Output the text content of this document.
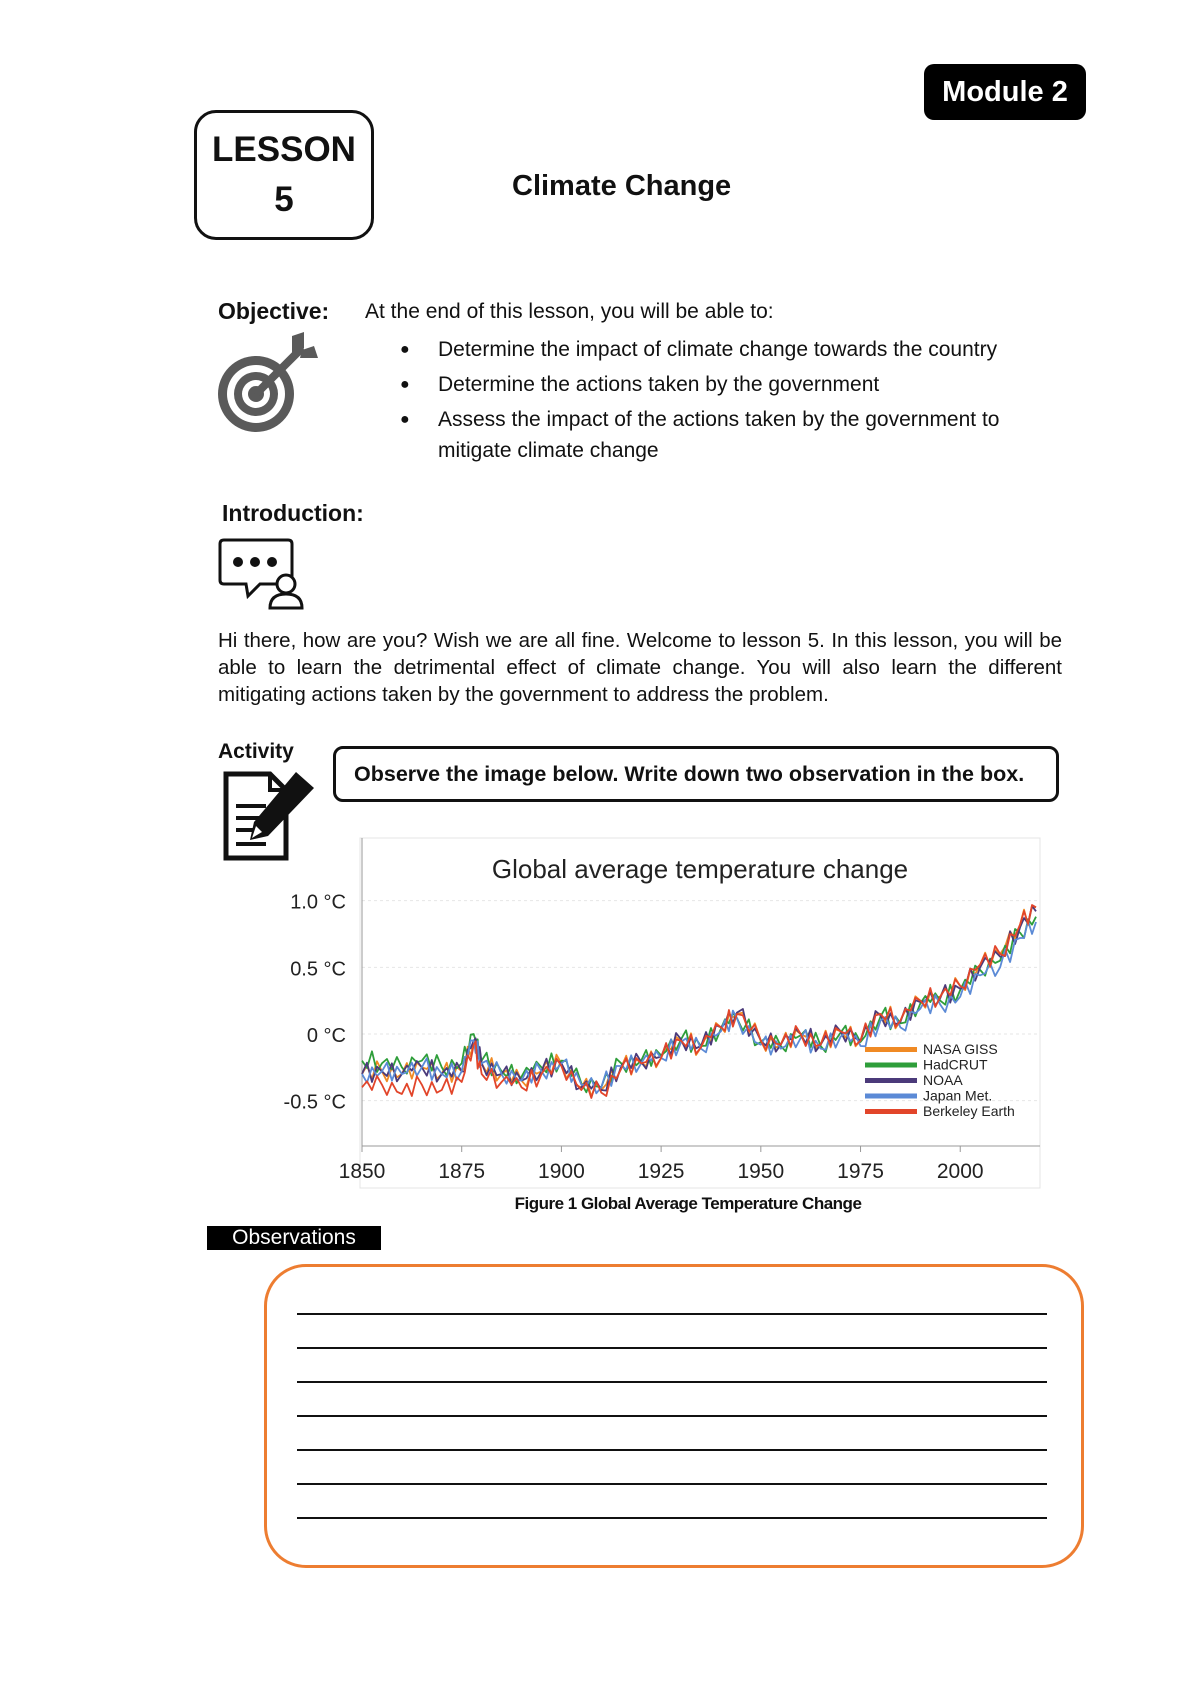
Module 2
LESSON
5	Climate Change
Objective: At the end of this lesson, you will be able to:
● Determine the impact of climate change towards the country
● Determine the actions taken by the government
● Assess the impact of the actions taken by the government to mitigate climate change
Introduction:
Hi there, how are you? Wish we are all fine. Welcome to lesson 5. In this lesson, you will be able to learn the detrimental effect of climate change. You will also learn the different mitigating actions taken by the government to address the problem.
Activity
Observe the image below. Write down two observation in the box.
Global average temperature change
1.0 °C
0.5 °C
0 °C
-0.5 °C
1850	1875	1900	1925	1950	1975	2000
NASA GISS
HadCRUT
NOAA
Japan Met.
Berkeley Earth
Figure 1 Global Average Temperature Change
Observations
